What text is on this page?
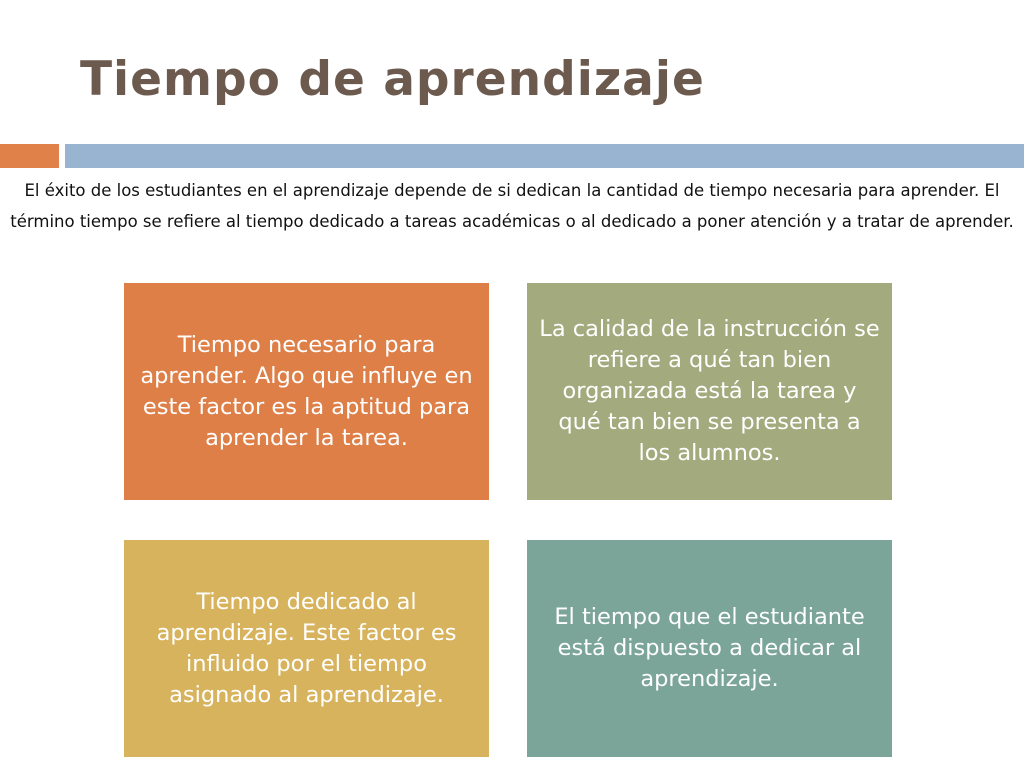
Tiempo de aprendizaje

El éxito de los estudiantes en el aprendizaje depende de si dedican la cantidad de tiempo necesaria para aprender. El término tiempo se refiere al tiempo dedicado a tareas académicas o al dedicado a poner atención y a tratar de aprender.

Tiempo necesario para aprender. Algo que influye en este factor es la aptitud para aprender la tarea.
La calidad de la instrucción se refiere a qué tan bien organizada está la tarea y qué tan bien se presenta a los alumnos.
Tiempo dedicado al aprendizaje. Este factor es influido por el tiempo asignado al aprendizaje.
El tiempo que el estudiante está dispuesto a dedicar al aprendizaje.
